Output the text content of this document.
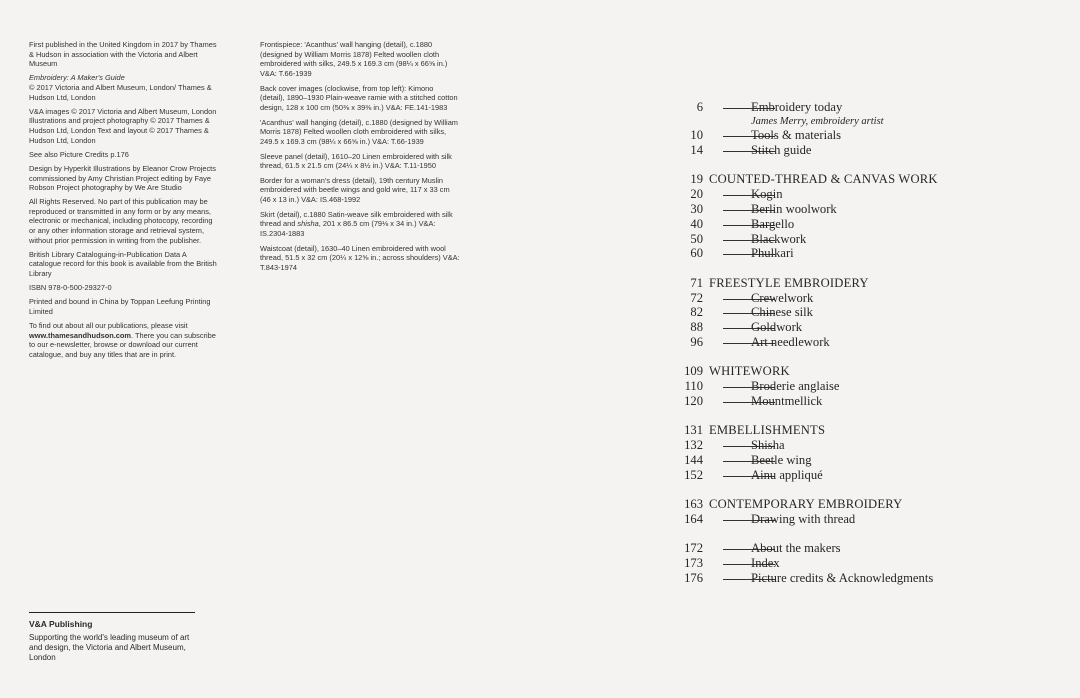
First published in the United Kingdom in 2017 by Thames & Hudson in association with the Victoria and Albert Museum

Embroidery: A Maker's Guide
© 2017 Victoria and Albert Museum, London/ Thames & Hudson Ltd, London

V&A images © 2017 Victoria and Albert Museum, London Illustrations and project photography © 2017 Thames & Hudson Ltd, London Text and layout © 2017 Thames & Hudson Ltd, London

See also Picture Credits p.176

Design by Hyperkit Illustrations by Eleanor Crow Projects commissioned by Amy Christian Project editing by Faye Robson Project photography by We Are Studio

All Rights Reserved. No part of this publication may be reproduced or transmitted in any form or by any means, electronic or mechanical, including photocopy, recording or any other information storage and retrieval system, without prior permission in writing from the publisher.

British Library Cataloguing-in-Publication Data A catalogue record for this book is available from the British Library

ISBN 978-0-500-29327-0

Printed and bound in China by Toppan Leefung Printing Limited

To find out about all our publications, please visit www.thamesandhudson.com. There you can subscribe to our e-newsletter, browse or download our current catalogue, and buy any titles that are in print.

Frontispiece: 'Acanthus' wall hanging (detail), c.1880 (designed by William Morris 1878) Felted woollen cloth embroidered with silks, 249.5 x 169.3 cm (98¼ x 66⅝ in.) V&A: T.66-1939

Back cover images (clockwise, from top left): Kimono (detail), 1890–1930 Plain-weave ramie with a stitched cotton design, 128 x 100 cm (50⅜ x 39⅜ in.) V&A: FE.141-1983

'Acanthus' wall hanging (detail), c.1880 (designed by William Morris 1878) Felted woollen cloth embroidered with silks, 249.5 x 169.3 cm (98¼ x 66⅝ in.) V&A: T.66-1939

Sleeve panel (detail), 1610–20 Linen embroidered with silk thread, 61.5 x 21.5 cm (24¼ x 8½ in.) V&A: T.11-1950

Border for a woman's dress (detail), 19th century Muslin embroidered with beetle wings and gold wire, 117 x 33 cm (46 x 13 in.) V&A: IS.468-1992

Skirt (detail), c.1880 Satin-weave silk embroidered with silk thread and shisha, 201 x 86.5 cm (79⅛ x 34 in.) V&A: IS.2304-1883

Waistcoat (detail), 1630–40 Linen embroidered with wool thread, 51.5 x 32 cm (20¼ x 12⅝ in.; across shoulders) V&A: T.843-1974

V&A Publishing
Supporting the world's leading museum of art and design, the Victoria and Albert Museum, London
6	Embroidery today
James Merry, embroidery artist
10	Tools & materials
14	Stitch guide
19 COUNTED-THREAD & CANVAS WORK
20	Kogin
30	Berlin woolwork
40	Bargello
50	Blackwork
60	Phulkari
71 FREESTYLE EMBROIDERY
72	Crewelwork
82	Chinese silk
88	Goldwork
96	Art needlework
109 WHITEWORK
110	Broderie anglaise
120	Mountmellick
131 EMBELLISHMENTS
132	Shisha
144	Beetle wing
152	Ainu appliqué
163 CONTEMPORARY EMBROIDERY
164	Drawing with thread
172	About the makers
173	Index
176	Picture credits & Acknowledgments
